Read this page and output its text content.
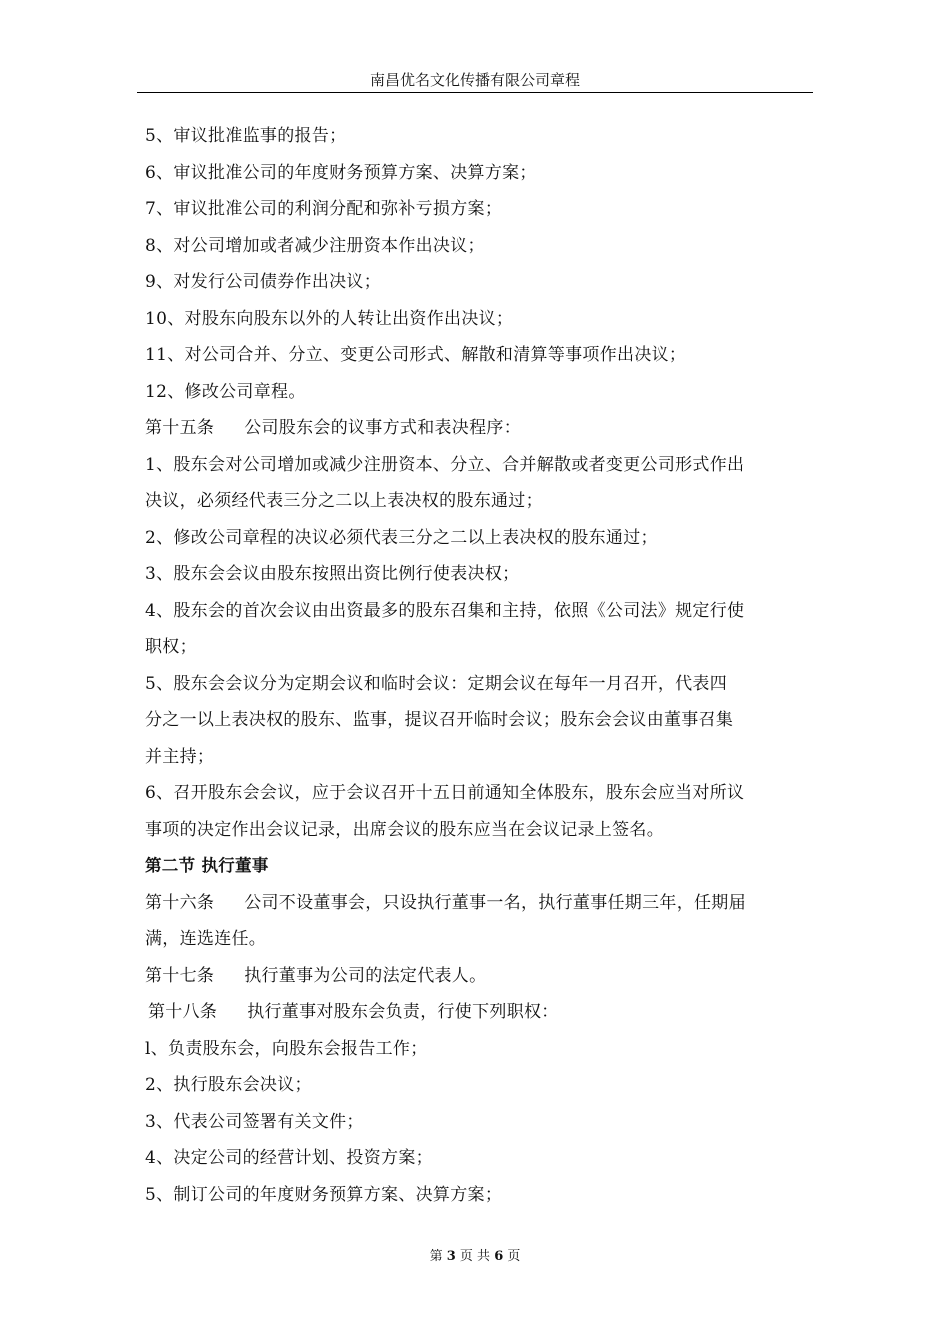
南昌优名文化传播有限公司章程
5、审议批准监事的报告；
6、审议批准公司的年度财务预算方案、决算方案；
7、审议批准公司的利润分配和弥补亏损方案；
8、对公司增加或者减少注册资本作出决议；
9、对发行公司债券作出决议；
10、对股东向股东以外的人转让出资作出决议；
11、对公司合并、分立、变更公司形式、解散和清算等事项作出决议；
12、修改公司章程。
第十五条 公司股东会的议事方式和表决程序：
1、股东会对公司增加或减少注册资本、分立、合并解散或者变更公司形式作出
决议，必须经代表三分之二以上表决权的股东通过；
2、修改公司章程的决议必须代表三分之二以上表决权的股东通过；
3、股东会会议由股东按照出资比例行使表决权；
4、股东会的首次会议由出资最多的股东召集和主持，依照《公司法》规定行使
职权；
5、股东会会议分为定期会议和临时会议：定期会议在每年一月召开，代表四
分之一以上表决权的股东、监事，提议召开临时会议；股东会会议由董事召集
并主持；
6、召开股东会会议，应于会议召开十五日前通知全体股东，股东会应当对所议
事项的决定作出会议记录，出席会议的股东应当在会议记录上签名。
第二节 执行董事
第十六条 公司不设董事会，只设执行董事一名，执行董事任期三年，任期届
满，连选连任。
第十七条 执行董事为公司的法定代表人。
第十八条 执行董事对股东会负责，行使下列职权：
l、负责股东会，向股东会报告工作；
2、执行股东会决议；
3、代表公司签署有关文件；
4、决定公司的经营计划、投资方案；
5、制订公司的年度财务预算方案、决算方案；
第 3 页 共 6 页
